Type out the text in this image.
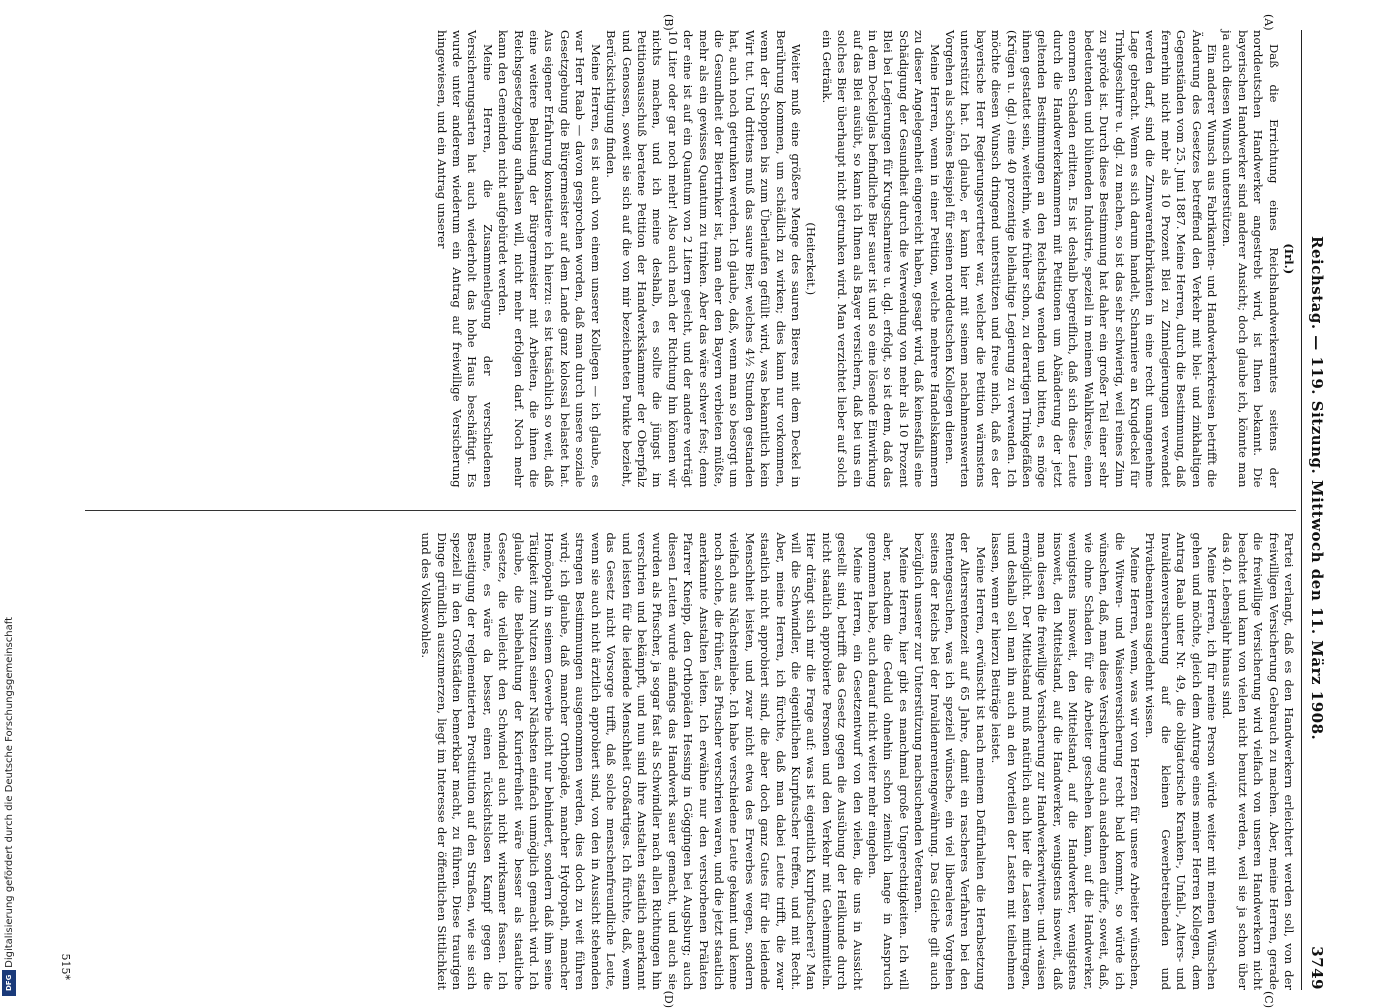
Digitalisierung gefördert durch die Deutsche Forschungsgemeinschaft
DFG
Reichstag. — 119. Sitzung. Mittwoch den 11. März 1908.
3749
(A)
(B)

(Irl.)

Daß die Errichtung eines Reichshandwerkeramtes seitens der norddeutschen Handwerker angestrebt wird, ist Ihnen bekannt. Die bayerischen Handwerker sind anderer Ansicht; doch glaube ich, könnte man ja auch diesen Wunsch unterstützen.

Ein anderer Wunsch aus Fabrikanten- und Handwerkerkreisen betrifft die Änderung des Gesetzes betreffend den Verkehr mit blei- und zinkhaltigen Gegenständen vom 25. Juni 1887. Meine Herren, durch die Bestimmung, daß fernerhin nicht mehr als 10 Prozent Blei zu Zinnlegierungen verwendet werden darf, sind die Zinnwarenfabrikanten in eine recht unangenehme Lage gebracht. Wenn es sich darum handelt, Scharniere an Krugdeckel für Trinkgeschirre u. dgl. zu machen, so ist das sehr schwierig, weil reines Zinn zu spröde ist. Durch diese Bestimmung hat daher ein großer Teil einer sehr bedeutenden und blühenden Industrie, speziell in meinem Wahlkreise, einen enormen Schaden erlitten. Es ist deshalb begreiflich, daß sich diese Leute durch die Handwerkerkammern mit Petitionen um Abänderung der jetzt geltenden Bestimmungen an den Reichstag wenden und bitten, es möge ihnen gestattet sein, weiterhin, wie früher schon, zu derartigen Trinkgefäßen (Krügen u. dgl.) eine 40 prozentige bleihaltige Legierung zu verwenden. Ich möchte diesen Wunsch dringend unterstützen und freue mich, daß es der bayerische Herr Regierungsvertreter war, welcher die Petition wärmstens unterstützt hat. Ich glaube, er kann hier mit seinem nachahmenswerten Vorgehen als schönes Beispiel für seinen norddeutschen Kollegen dienen.

Meine Herren, wenn in einer Petition, welche mehrere Handelskammern zu dieser Angelegenheit eingereicht haben, gesagt wird, daß keinesfalls eine Schädigung der Gesundheit durch die Verwendung von mehr als 10 Prozent Blei bei Legierungen für Krugscharniere u. dgl. erfolgt, so ist denn, daß das in dem Deckelglas befindliche Bier sauer ist und so eine lösende Einwirkung auf das Blei ausübt, so kann ich Ihnen als Bayer versichern, daß bei uns ein solches Bier überhaupt nicht getrunken wird. Man verzichtet lieber auf solch ein Getränk.

(Heiterkeit.)

Weiter muß eine größere Menge des sauren Bieres mit dem Deckel in Berührung kommen, um schädlich zu wirken; dies kann nur vorkommen, wenn der Schoppen bis zum Überlaufen gefüllt wird, was bekanntlich kein Wirt tut. Und drittens muß das saure Bier, welches 4½ Stunden gestanden hat, auch noch getrunken werden. Ich glaube, daß, wenn man so besorgt um die Gesundheit der Biertrinker ist, man eher den Bayern verbieten müßte, mehr als ein gewisses Quantum zu trinken. Aber das wäre schwer fest; denn der eine ist auf ein Quantum von 2 Litern geeicht, und der andere verträgt 10 Liter oder gar noch mehr! Also auch nach der Richtung hin können wir nichts machen, und ich meine deshalb, es sollte die jüngst im Petitionsausschuß beratene Petition der Handwerkskammer der Oberpfalz und Genossen, soweit sie sich auf die von mir bezeichneten Punkte bezieht, Berücksichtigung finden.

Meine Herren, es ist auch von einem unserer Kollegen — ich glaube, es war Herr Raab — davon gesprochen worden, daß man durch unsere soziale Gesetzgebung die Bürgermeister auf dem Lande ganz kolossal belastet hat. Aus eigener Erfahrung konstatiere ich hierzu: es ist tatsächlich so weit, daß eine weitere Belastung der Bürgermeister mit Arbeiten, die ihnen die Reichsgesetzgebung aufhalsen will, nicht mehr erfolgen darf. Noch mehr kann den Gemeinden nicht aufgebürdet werden.

Meine Herren, die Zusammenlegung der verschiedenen Versicherungsarten hat auch wiederholt das hohe Haus beschäftigt. Es wurde unter anderem wiederum ein Antrag auf freiwillige Versicherung hingewiesen, und ein Antrag unserer

(C)
(D)

Partei verlangt, daß es den Handwerkern erleichtert werden soll, von der freiwilligen Versicherung Gebrauch zu machen. Aber, meine Herren, gerade die freiwillige Versicherung wird vielfach von unseren Handwerkern nicht beachtet und kann von vielen nicht benutzt werden, weil sie ja schon über das 40. Lebensjahr hinaus sind.

Meine Herren, ich für meine Person würde weiter mit meinen Wünschen gehen und möchte, gleich dem Antrage eines meiner Herren Kollegen, dem Antrag Raab unter Nr. 49, die obligatorische Kranken-, Unfall-, Alters- und Invalidenversicherung auf die kleinen Gewerbetreibenden und Privatbeamten ausgedehnt wissen.

Meine Herren, wenn, was wir von Herzen für unsere Arbeiter wünschen, die Witwen- und Waisenversicherung recht bald kommt, so würde ich wünschen, daß, man diese Versicherung auch ausdehnen dürfe, soweit, daß, wie ohne Schaden für die Arbeiter geschehen kann, auf die Handwerker, wenigstens insoweit, den Mittelstand, auf die Handwerker, wenigstens insoweit, den Mittelstand, auf die Handwerker, wenigstens insoweit, daß man diesen die freiwillige Versicherung zur Handwerkerwitwen- und -waisen ermöglicht. Der Mittelstand muß natürlich auch hier die Lasten mittragen, und deshalb soll man ihn auch an den Vorteilen der Lasten mit teilnehmen lassen, wenn er hierzu Beiträge leistet.

Meine Herren, erwünscht ist nach meinem Dafürhalten die Herabsetzung der Altersrentenzeit auf 65 Jahre, damit ein rascheres Verfahren bei den Rentengesuchen, was ich speziell wünsche, ein viel liberaleres Vorgehen seitens der Reichs bei der Invalidenrentengewährung. Das Gleiche gilt auch bezüglich unserer zur Unterstützung nachsuchenden Veteranen.

Meine Herren, hier gibt es manchmal große Ungerechtigkeiten. Ich will aber, nachdem die Geduld ohnehin schon ziemlich lange in Anspruch genommen habe, auch darauf nicht weiter mehr eingehen.

Meine Herren, ein Gesetzentwurf von den vielen, die uns in Aussicht gestellt sind, betrifft das Gesetz gegen die Ausübung der Heilkunde durch nicht staatlich approbierte Personen und den Verkehr mit Geheimmitteln. Hier drängt sich mir die Frage auf: was ist eigentlich Kurpfuscherei? Man will die Schwindler, die eigentlichen Kurpfuscher treffen, und mit Recht. Aber, meine Herren, ich fürchte, daß man dabei Leute trifft, die zwar staatlich nicht approbiert sind, die aber doch ganz Gutes für die leidende Menschheit leisten, und zwar nicht etwa des Erwerbes wegen, sondern vielfach aus Nächstenliebe. Ich habe verschiedene Leute gekannt und kenne noch solche, die früher, als Pfuscher verschrien waren, und die jetzt staatlich anerkannte Anstalten leiten. Ich erwähne nur den verstorbenen Prälaten Pfarrer Kneipp, den Orthopäden Hessing in Göggingen bei Augsburg; auch diesen Leuten wurde anfangs das Handwerk sauer gemacht, und auch sie wurden als Pfuscher, ja sogar fast als Schwindler nach allen Richtungen hin verschrien und bekämpft, und nun sind ihre Anstalten staatlich anerkannt und leisten für die leidende Menschheit Großartiges. Ich fürchte, daß, wenn das Gesetz nicht Vorsorge trifft, daß solche menschenfreundliche Leute, wenn sie auch nicht ärztlich approbiert sind, von den in Aussicht stehenden strengen Bestimmungen ausgenommen werden, dies doch zu weit führen wird; ich glaube, daß mancher Orthopäde, mancher Hydropath, mancher Homöopath in seinem Gewerbe nicht nur behindert, sondern daß ihm seine Tätigkeit zum Nutzen seiner Nächsten einfach unmöglich gemacht wird. Ich glaube, die Beibehaltung der Kurierfreiheit wäre besser als staatliche Gesetze, die vielleicht den Schwindel auch nicht wirksamer fassen. Ich meine, es wäre da besser, einen rücksichtslosen Kampf gegen die Beseitigung der reglementierten Prostitution auf den Straßen, wie sie sich speziell in den Großstädten bemerkbar macht, zu führen. Diese traurigen Dinge gründlich auszumerzen, liegt im Interesse der öffentlichen Sittlichkeit und des Volkswohles.

515*
